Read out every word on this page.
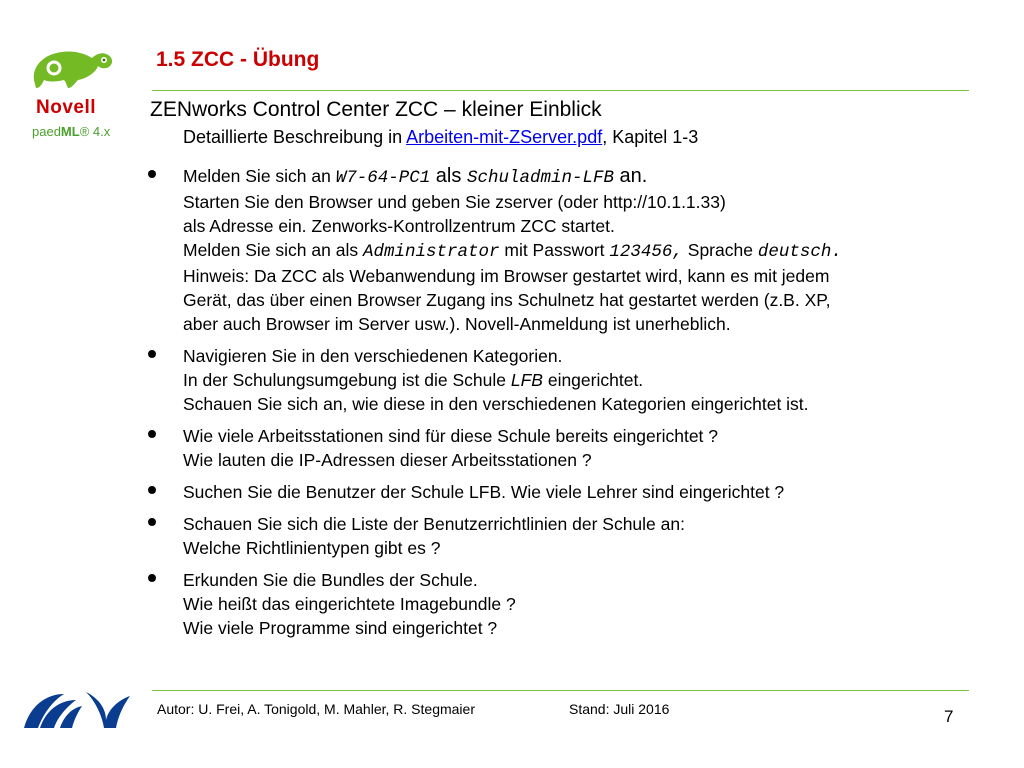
Novell
paedML® 4.x
1.5 ZCC - Übung
ZENworks Control Center ZCC – kleiner Einblick
Detaillierte Beschreibung in Arbeiten-mit-ZServer.pdf, Kapitel 1-3
Melden Sie sich an W7-64-PC1 als Schuladmin-LFB an.
Starten Sie den Browser und geben Sie zserver (oder http://10.1.1.33)
als Adresse ein. Zenworks-Kontrollzentrum ZCC startet.
Melden Sie sich an als Administrator mit Passwort 123456, Sprache deutsch.
Hinweis: Da ZCC als Webanwendung im Browser gestartet wird, kann es mit jedem
Gerät, das über einen Browser Zugang ins Schulnetz hat gestartet werden (z.B. XP,
aber auch Browser im Server usw.). Novell-Anmeldung ist unerheblich.
Navigieren Sie in den verschiedenen Kategorien.
In der Schulungsumgebung ist die Schule LFB eingerichtet.
Schauen Sie sich an, wie diese in den verschiedenen Kategorien eingerichtet ist.
Wie viele Arbeitsstationen sind für diese Schule bereits eingerichtet ?
Wie lauten die IP-Adressen dieser Arbeitsstationen ?
Suchen Sie die Benutzer der Schule LFB. Wie viele Lehrer sind eingerichtet ?
Schauen Sie sich die Liste der Benutzerrichtlinien der Schule an:
Welche Richtlinientypen gibt es ?
Erkunden Sie die Bundles der Schule.
Wie heißt das eingerichtete Imagebundle ?
Wie viele Programme sind eingerichtet ?
Autor: U. Frei, A. Tonigold, M. Mahler, R. Stegmaier	Stand: Juli 2016	7
